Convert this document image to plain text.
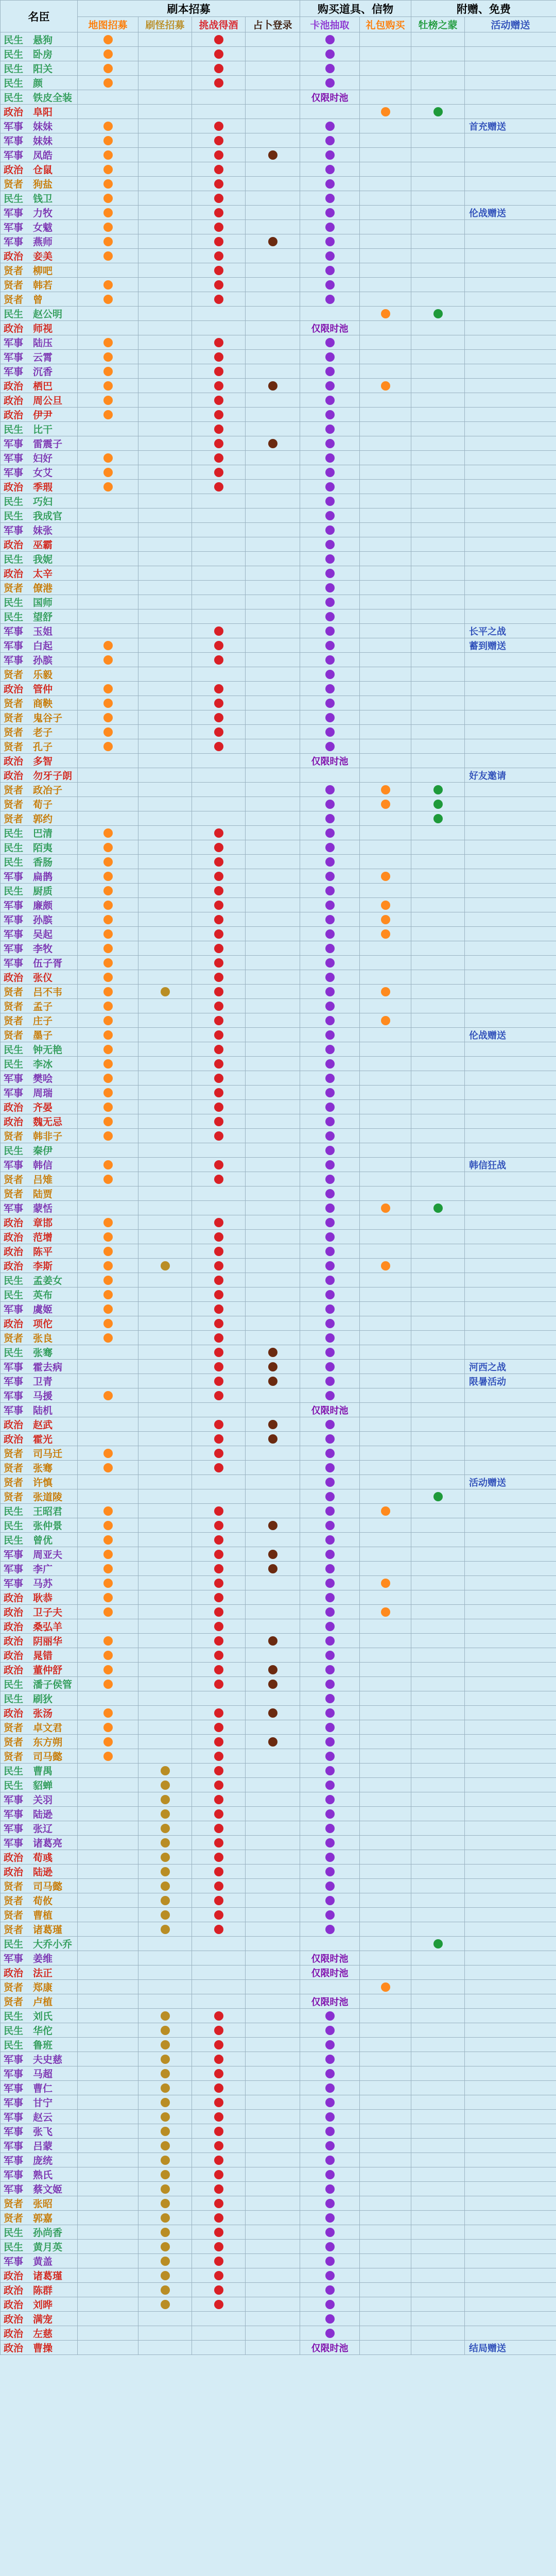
名臣	刷本招募				购买道具、信物		附赠、免费	
	地图招募	刷怪招募	挑战得酒	占卜登录	卡池抽取	礼包购买	牡榜之蒙	活动赠送
民生　悬狗								
民生　卧房								
民生　阳关								
民生　颜								
民生　铁皮全装					仅限时池			
政治　阜阳								
军事　妹妹								首充赠送
军事　妹妹								
军事　凤皓								
政治　仓鼠								
贤者　狗盐								
民生　钱卫								
军事　力牧								伦战赠送
军事　女魃								
军事　燕师								
政治　妾美								
贤者　柳吧								
贤者　韩若								
贤者　曾								
民生　赵公明								
政治　师视					仅限时池			
军事　陆压								
军事　云霄								
军事　沉香								
政治　栖巴								
政治　周公旦								
政治　伊尹								
民生　比干								
军事　雷震子								
军事　妇好								
军事　女艾								
政治　季瑕								
民生　巧妇								
民生　我成官								
军事　妹张								
政治　巫霸								
民生　我妮								
政治　太辛								
贤者　僚港								
民生　国师								
民生　望舒								
军事　玉姐								长平之战
军事　白起								蓄到赠送
军事　孙膑								
贤者　乐毅								
政治　管仲								
贤者　商鞅								
贤者　鬼谷子								
贤者　老子								
贤者　孔子								
政治　多智					仅限时池			
政治　勿牙子朗								好友邀请
贤者　政冶子								
贤者　荀子								
贤者　郭约								
民生　巴清								
民生　陌夷								
民生　香肠								
军事　扁鹊								
民生　厨质								
军事　廉颇								
军事　孙膑								
军事　吴起								
军事　李牧								
军事　伍子胥								
政治　张仪								
贤者　吕不韦								
贤者　孟子								
贤者　庄子								
贤者　墨子								伦战赠送
民生　钟无艳								
民生　李冰								
军事　樊哙								
军事　周瑞								
政治　齐晏								
政治　魏无忌								
贤者　韩非子								
民生　秦伊								
军事　韩信								韩信狂战
贤者　吕雉								
贤者　陆贾								
军事　蒙恬								
政治　章邯								
政治　范增								
政治　陈平								
政治　李斯								
民生　孟姜女								
民生　英布								
军事　虞姬								
政治　项佗								
贤者　张良								
民生　张骞								
军事　霍去病								河西之战
军事　卫青								限暑活动
军事　马援								
军事　陆机					仅限时池			
政治　赵武								
政治　霍光								
贤者　司马迁								
贤者　张骞								
贤者　许慎								活动赠送
贤者　张道陵								
民生　王昭君								
民生　张仲景								
民生　曾优								
军事　周亚夫								
军事　李广								
军事　马苏								
政治　耿恭								
政治　卫子夫								
政治　桑弘羊								
政治　阴丽华								
政治　晁错								
政治　董仲舒								
民生　潘子侯管								
民生　刷狄								
政治　张汤								
贤者　卓文君								
贤者　东方朔								
贤者　司马懿								
民生　曹禺								
民生　貂蝉								
军事　关羽								
军事　陆逊								
军事　张辽								
军事　诸葛亮								
政治　荀彧								
政治　陆逊								
贤者　司马懿								
贤者　荀攸								
贤者　曹植								
贤者　诸葛瑾								
民生　大乔小乔								
军事　姜维					仅限时池			
政治　法正					仅限时池			
贤者　郑康								
贤者　卢植					仅限时池			
民生　刘氏								
民生　华佗								
民生　鲁班								
军事　夫史慈								
军事　马超								
军事　曹仁								
军事　甘宁								
军事　赵云								
军事　张飞								
军事　吕蒙								
军事　庞统								
军事　熟氏								
军事　蔡文姬								
贤者　张昭								
贤者　郭嘉								
民生　孙尚香								
民生　黄月英								
军事　黄盖								
政治　诸葛瑾								
政治　陈群								
政治　刘晔								
政治　满宠								
政治　左慈								
政治　曹操					仅限时池			结局赠送
